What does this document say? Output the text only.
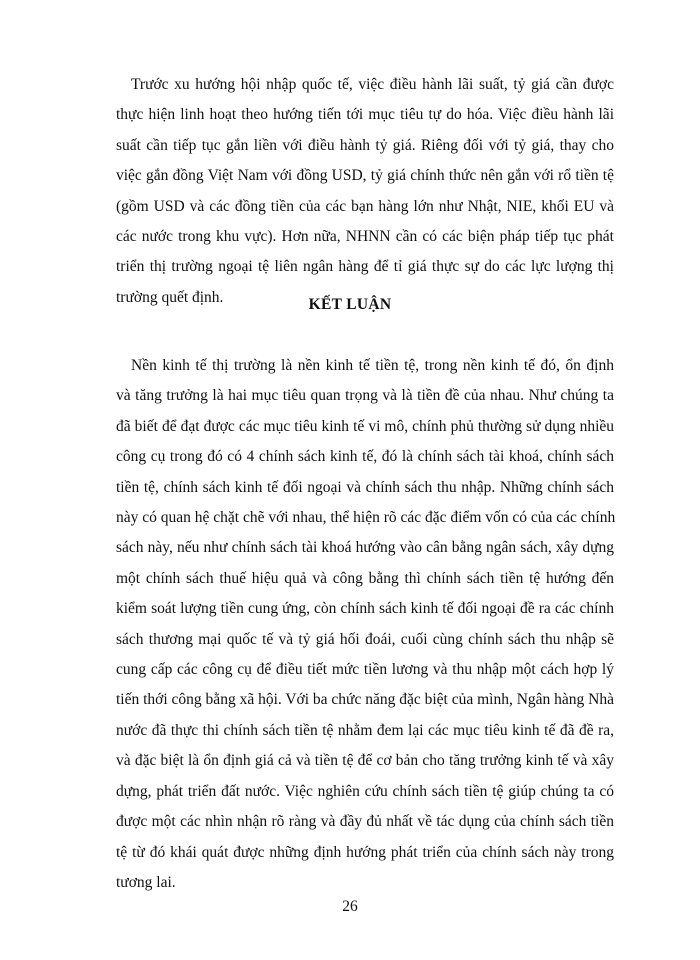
Trước xu hướng hội nhập quốc tế, việc điều hành lãi suất, tỷ giá cần được
thực hiện linh hoạt theo hướng tiến tới mục tiêu tự do hóa. Việc điều hành lãi
suất cần tiếp tục gắn liền với điều hành tỷ giá. Riêng đối với tỷ giá, thay cho
việc gắn đồng Việt Nam với đồng USD, tỷ giá chính thức nên gắn với rổ tiền tệ
(gồm USD và các đồng tiền của các bạn hàng lớn như Nhật, NIE, khối EU và
các nước trong khu vực). Hơn nữa, NHNN cần có các biện pháp tiếp tục phát
triển thị trường ngoại tệ liên ngân hàng để tỉ giá thực sự do các lực lượng thị
trường quết định.	KẾT LUẬN

Nền kinh tế thị trường là nền kinh tế tiền tệ, trong nền kinh tế đó, ổn định
và tăng trưởng là hai mục tiêu quan trọng và là tiền đề của nhau. Như chúng ta
đã biết để đạt được các mục tiêu kinh tế vi mô, chính phủ thường sử dụng nhiều
công cụ trong đó có 4 chính sách kinh tế, đó là chính sách tài khoá, chính sách
tiền tệ, chính sách kinh tế đối ngoại và chính sách thu nhập. Những chính sách
này có quan hệ chặt chẽ với nhau, thể hiện rõ các đặc điểm vốn có của các chính
sách này, nếu như chính sách tài khoá hướng vào cân bằng ngân sách, xây dựng
một chính sách thuế hiệu quả và công bằng thì chính sách tiền tệ hướng đến
kiểm soát lượng tiền cung ứng, còn chính sách kinh tế đối ngoại đề ra các chính
sách thương mại quốc tế và tỷ giá hối đoái, cuối cùng chính sách thu nhập sẽ
cung cấp các công cụ để điều tiết mức tiền lương và thu nhập một cách hợp lý
tiến thới công bằng xã hội. Với ba chức năng đặc biệt của mình, Ngân hàng Nhà
nước đã thực thi chính sách tiền tệ nhằm đem lại các mục tiêu kinh tế đã đề ra,
và đặc biệt là ổn định giá cả và tiền tệ để cơ bản cho tăng trưởng kinh tế và xây
dựng, phát triển đất nước. Việc nghiên cứu chính sách tiền tệ giúp chúng ta có
được một các nhìn nhận rõ ràng và đầy đủ nhất về tác dụng của chính sách tiền
tệ từ đó khái quát được những định hướng phát triển của chính sách này trong
tương lai.

26
